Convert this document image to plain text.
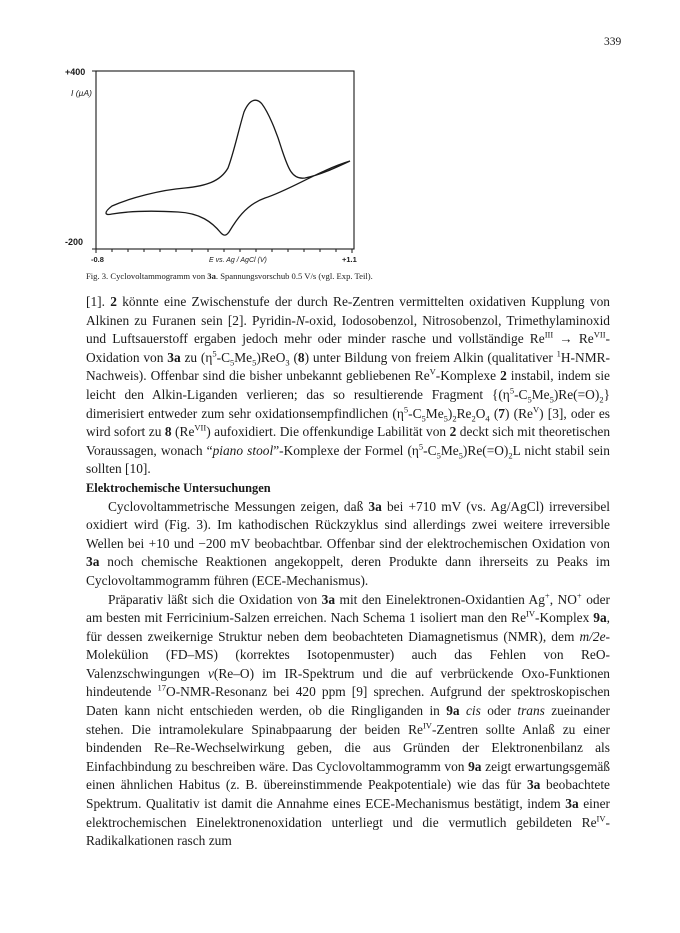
339
+400
I (µA)
-200
-0.8	E vs. Ag / AgCl (V)	+1.1
Fig. 3. Cyclovoltammogramm von 3a. Spannungsvorschub 0.5 V/s (vgl. Exp. Teil).

[1]. 2 könnte eine Zwischenstufe der durch Re-Zentren vermittelten oxidativen Kupplung von Alkinen zu Furanen sein [2]. Pyridin-N-oxid, Iodosobenzol, Nitrosobenzol, Trimethylaminoxid und Luftsauerstoff ergaben jedoch mehr oder minder rasche und vollständige $Re^{III}$ → $Re^{VII}$-Oxidation von 3a zu $(\eta^5-C_5Me_5)ReO_3$ (8) unter Bildung von freiem Alkin (qualitativer $^1$H-NMR-Nachweis). Offenbar sind die bisher unbekannt gebliebenen $Re^V$-Komplexe 2 instabil, indem sie leicht den Alkin-Liganden verlieren; das so resultierende Fragment $\{(\eta^5-C_5Me_5)Re(=O)_2\}$ dimerisiert entweder zum sehr oxidationsempfindlichen $(\eta^5-C_5Me_5)_2Re_2O_4$ (7) $(Re^V)$ [3], oder es wird sofort zu 8 $(Re^{VII})$ aufoxidiert. Die offenkundige Labilität von 2 deckt sich mit theoretischen Voraussagen, wonach “piano stool”-Komplexe der Formel $(\eta^5-C_5Me_5)Re(=O)_2L$ nicht stabil sein sollten [10].

Elektrochemische Untersuchungen

Cyclovoltammetrische Messungen zeigen, daß 3a bei +710 mV (vs. Ag/AgCl) irreversibel oxidiert wird (Fig. 3). Im kathodischen Rückzyklus sind allerdings zwei weitere irreversible Wellen bei +10 und −200 mV beobachtbar. Offenbar sind der elektrochemischen Oxidation von 3a noch chemische Reaktionen angekoppelt, deren Produkte dann ihrerseits zu Peaks im Cyclovoltammogramm führen (ECE-Mechanismus).

Präparativ läßt sich die Oxidation von 3a mit den Einelektronen-Oxidantien Ag+, NO+ oder am besten mit Ferricinium-Salzen erreichen. Nach Schema 1 isoliert man den $Re^{IV}$-Komplex 9a, für dessen zweikernige Struktur neben dem beobachteten Diamagnetismus (NMR), dem m/2e-Molekülion (FD–MS) (korrektes Isotopenmuster) auch das Fehlen von ReO-Valenzschwingungen ν(Re–O) im IR-Spektrum und die auf verbrückende Oxo-Funktionen hindeutende $^{17}$O-NMR-Resonanz bei 420 ppm [9] sprechen. Aufgrund der spektroskopischen Daten kann nicht entschieden werden, ob die Ringliganden in 9a cis oder trans zueinander stehen. Die intramolekulare Spinabpaarung der beiden $Re^{IV}$-Zentren sollte Anlaß zu einer bindenden Re–Re-Wechselwirkung geben, die aus Gründen der Elektronenbilanz als Einfachbindung zu beschreiben wäre. Das Cyclovoltammogramm von 9a zeigt erwartungsgemäß einen ähnlichen Habitus (z. B. übereinstimmende Peakpotentiale) wie das für 3a beobachtete Spektrum. Qualitativ ist damit die Annahme eines ECE-Mechanismus bestätigt, indem 3a einer elektrochemischen Einelektronenoxidation unterliegt und die vermutlich gebildeten $Re^{IV}$-Radikalkationen rasch zum
